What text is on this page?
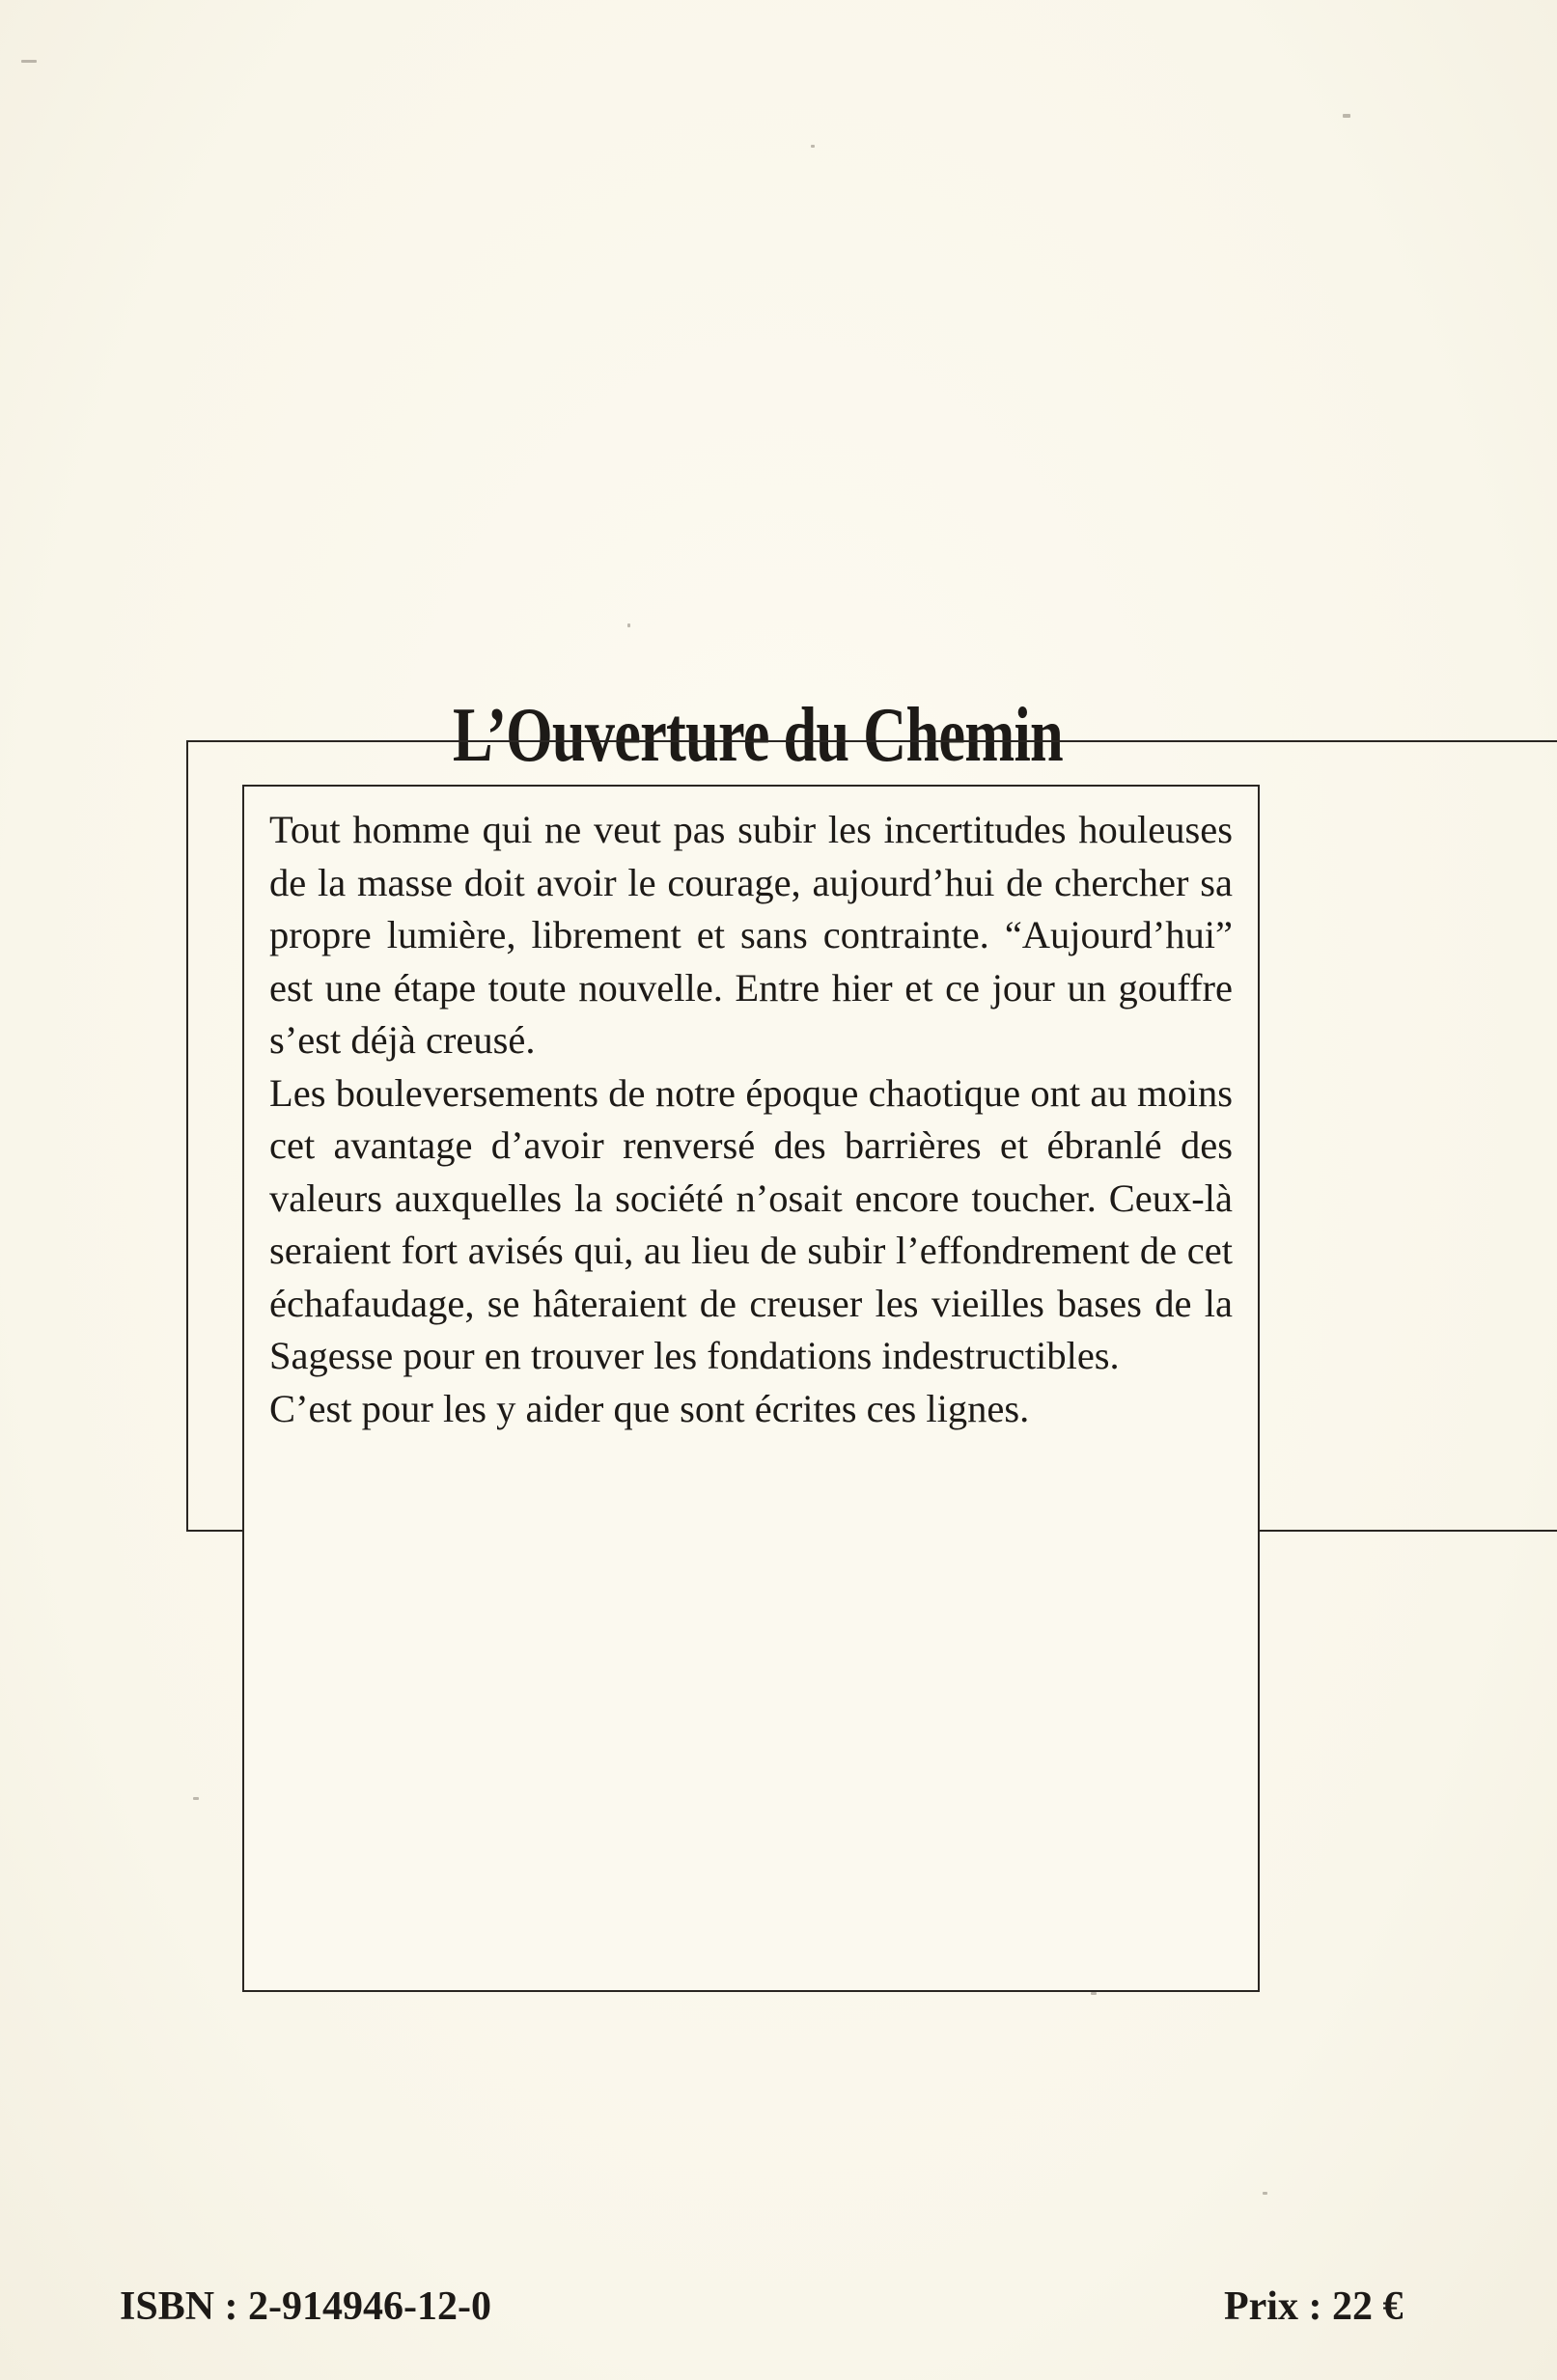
L’Ouverture du Chemin

Tout homme qui ne veut pas subir les incertitudes houleuses de la masse doit avoir le courage, aujourd’hui de chercher sa propre lumière, librement et sans contrainte. “Aujourd’hui” est une étape toute nouvelle. Entre hier et ce jour un gouffre s’est déjà creusé.

Les bouleversements de notre époque chaotique ont au moins cet avantage d’avoir renversé des barrières et ébranlé des valeurs auxquelles la société n’osait encore toucher. Ceux-là seraient fort avisés qui, au lieu de subir l’effondrement de cet échafaudage, se hâteraient de creuser les vieilles bases de la Sagesse pour en trouver les fondations indestructibles.

C’est pour les y aider que sont écrites ces lignes.

ISBN : 2-914946-12-0	Prix : 22 €
